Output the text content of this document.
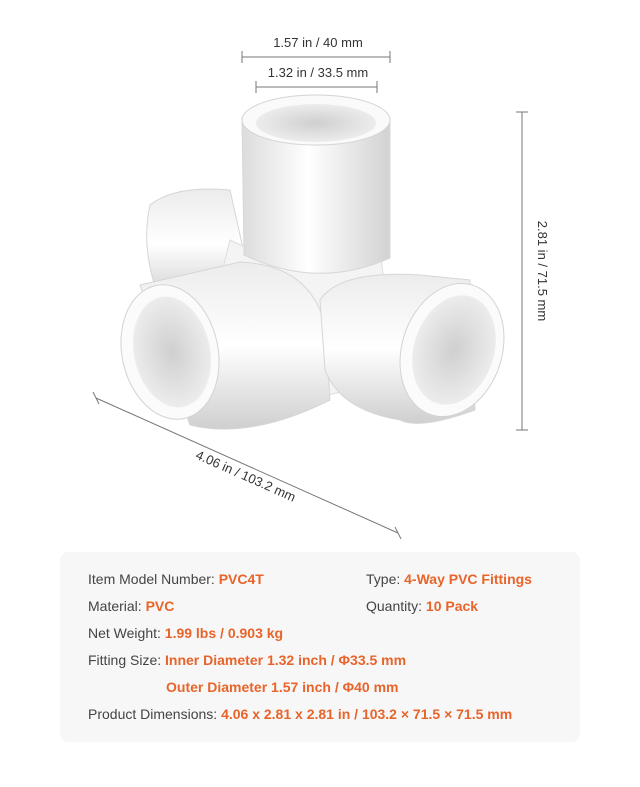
1.57 in / 40 mm
1.32 in / 33.5 mm
2.81 in / 71.5 mm
4.06 in / 103.2 mm
Item Model Number: PVC4T	Type: 4-Way PVC Fittings
Material: PVC	Quantity: 10 Pack
Net Weight: 1.99 lbs / 0.903 kg
Fitting Size: Inner Diameter 1.32 inch / Φ33.5 mm
Outer Diameter 1.57 inch / Φ40 mm
Product Dimensions: 4.06 x 2.81 x 2.81 in / 103.2 × 71.5 × 71.5 mm
